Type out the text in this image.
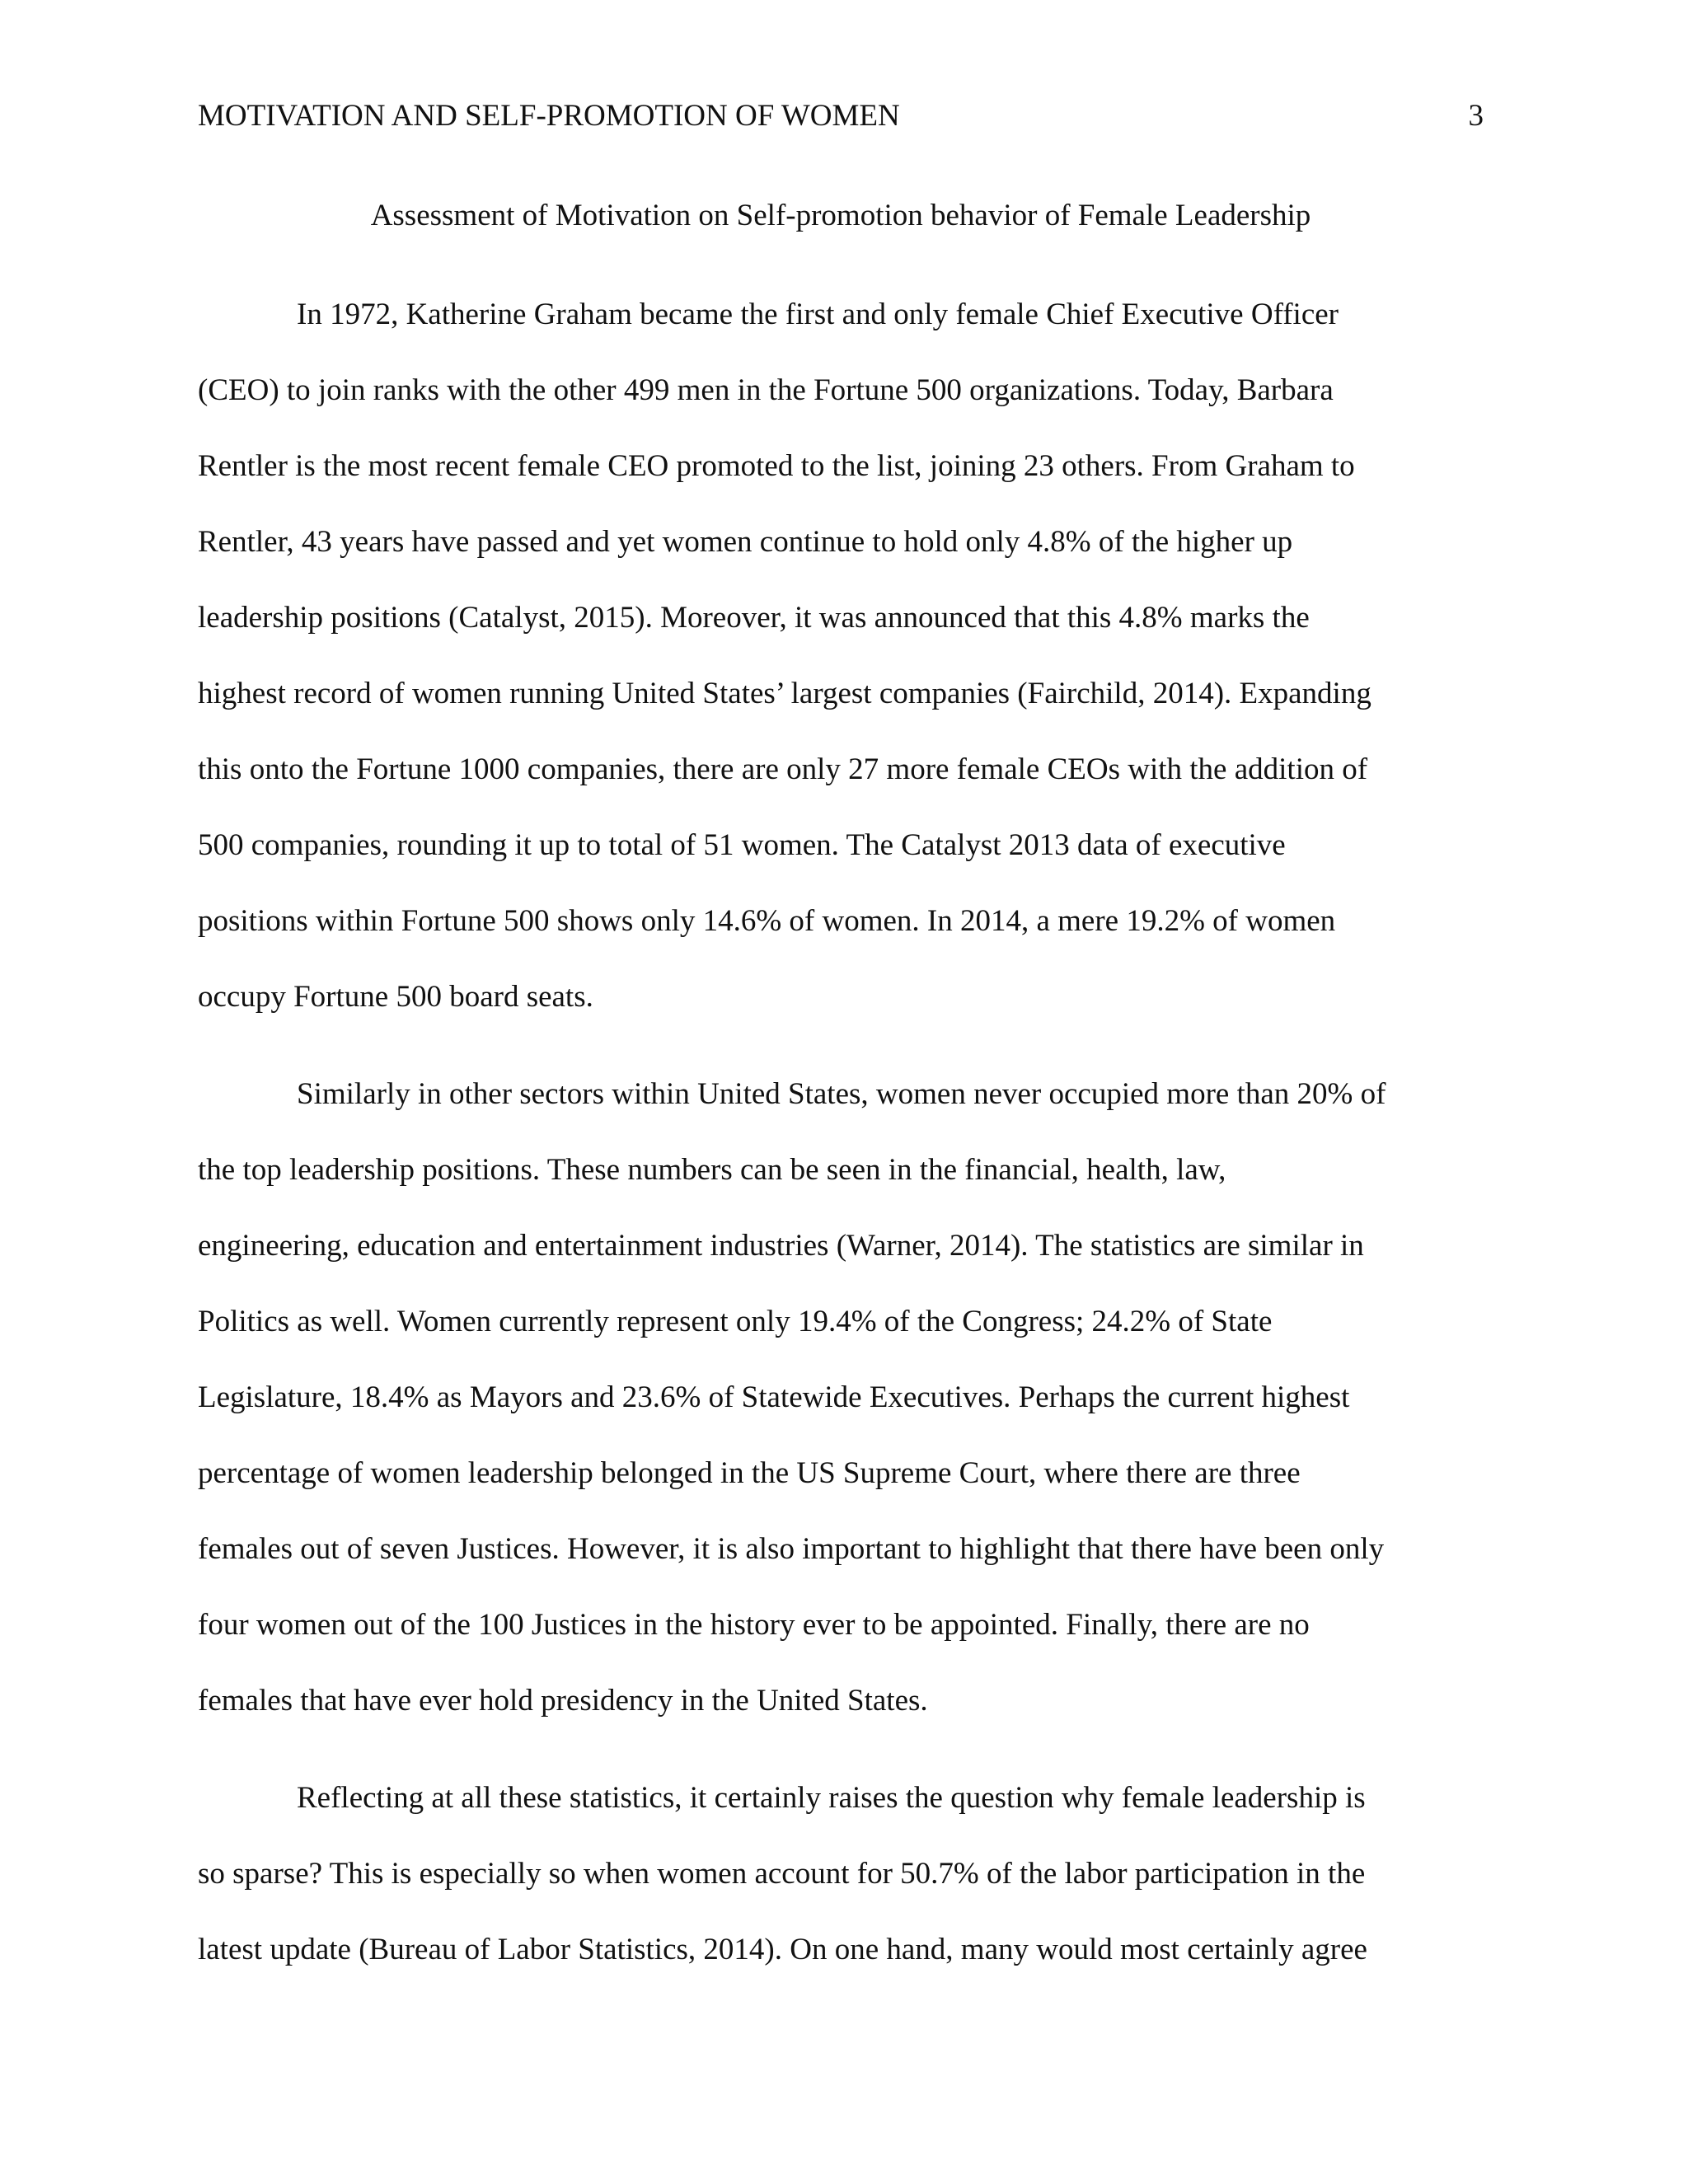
MOTIVATION AND SELF-PROMOTION OF WOMEN	3
Assessment of Motivation on Self-promotion behavior of Female Leadership
In 1972, Katherine Graham became the first and only female Chief Executive Officer
(CEO) to join ranks with the other 499 men in the Fortune 500 organizations. Today, Barbara
Rentler is the most recent female CEO promoted to the list, joining 23 others. From Graham to
Rentler, 43 years have passed and yet women continue to hold only 4.8% of the higher up
leadership positions (Catalyst, 2015). Moreover, it was announced that this 4.8% marks the
highest record of women running United States’ largest companies (Fairchild, 2014). Expanding
this onto the Fortune 1000 companies, there are only 27 more female CEOs with the addition of
500 companies, rounding it up to total of 51 women. The Catalyst 2013 data of executive
positions within Fortune 500 shows only 14.6% of women. In 2014, a mere 19.2% of women
occupy Fortune 500 board seats.
Similarly in other sectors within United States, women never occupied more than 20% of
the top leadership positions. These numbers can be seen in the financial, health, law,
engineering, education and entertainment industries (Warner, 2014). The statistics are similar in
Politics as well. Women currently represent only 19.4% of the Congress; 24.2% of State
Legislature, 18.4% as Mayors and 23.6% of Statewide Executives. Perhaps the current highest
percentage of women leadership belonged in the US Supreme Court, where there are three
females out of seven Justices. However, it is also important to highlight that there have been only
four women out of the 100 Justices in the history ever to be appointed. Finally, there are no
females that have ever hold presidency in the United States.
Reflecting at all these statistics, it certainly raises the question why female leadership is
so sparse? This is especially so when women account for 50.7% of the labor participation in the
latest update (Bureau of Labor Statistics, 2014). On one hand, many would most certainly agree
